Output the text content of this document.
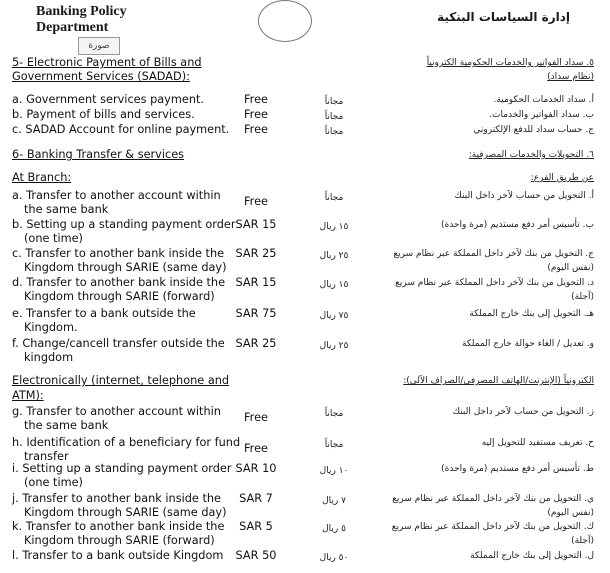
Banking Policy Department
إدارة السياسات البنكية
صورة
5- Electronic Payment of Bills and	٥. سداد الفواتير والخدمات الحكومية الكترونياً
Government Services (SADAD):	(نظام سداد)
a. Government services payment.	Free	مجاناً	أ. سداد الخدمات الحكومية.
b. Payment of bills and services.	Free	مجاناً	ب. سداد الفواتير والخدمات.
c. SADAD Account for online payment.	Free	مجاناً	ج. حساب سداد للدفع الإلكتروني
6- Banking Transfer & services	٦. التحويلات والخدمات المصرفية:
At Branch:	عن طريق الفرع:
a. Transfer to another account within	Free	مجاناً	أ. التحويل من حساب لآخر داخل البنك
the same bank
b. Setting up a standing payment order SAR 15	١٥ ريال	ب. تأسيس أمر دفع مستديم (مرة واحدة)
(one time)
c. Transfer to another bank inside the	SAR 25	٢٥ ريال	ج. التحويل من بنك لآخر داخل المملكة عبر نظام سريع
Kingdom through SARIE (same day)	(نفس اليوم)
d. Transfer to another bank inside the SAR 15	١٥ ريال	د. التحويل من بنك لآخر داخل المملكة عبر نظام سريع
Kingdom through SARIE (forward)	(آجلة)
e. Transfer to a bank outside the	SAR 75	٧٥ ريال	هـ. التحويل إلى بنك خارج المملكة
Kingdom.
f. Change/cancell transfer outside the SAR 25	٢٥ ريال	و. تعديل / الغاء حوالة خارج المملكة
kingdom
Electronically (internet, telephone and	الكترونياً (الإنترنت/الهاتف المصرفي/الصراف الآلي):
ATM):
g. Transfer to another account within	Free	مجاناً	ز. التحويل من حساب لآخر داخل البنك
the same bank
h. Identification of a beneficiary for fund Free	مجاناً	ح. تعريف مستفيد للتحويل إليه
transfer
i. Setting up a standing payment order SAR 10	١٠ ريال	ط. تأسيس أمر دفع مستديم (مرة واحدة)
(one time)
j. Transfer to another bank inside the	SAR 7	٧ ريال	ي. التحويل من بنك لآخر داخل المملكة عبر نظام سريع
Kingdom through SARIE (same day)	(نفس اليوم)
k. Transfer to another bank inside the	SAR 5	٥ ريال	ك. التحويل من بنك لآخر داخل المملكة عبر نظام سريع
Kingdom through SARIE (forward)	(آجلة)
l. Transfer to a bank outside Kingdom	SAR 50	٥٠ ريال	ل. التحويل إلى بنك خارج المملكة
